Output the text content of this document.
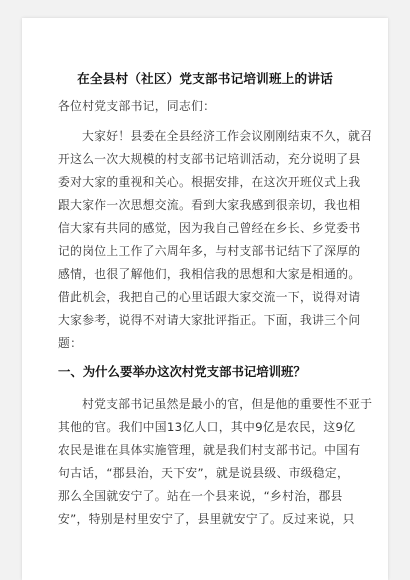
在全县村（社区）党支部书记培训班上的讲话
各位村党支部书记，同志们：
大家好！县委在全县经济工作会议刚刚结束不久，就召
开这么一次大规模的村支部书记培训活动，充分说明了县
委对大家的重视和关心。根据安排，在这次开班仪式上我
跟大家作一次思想交流。看到大家我感到很亲切，我也相
信大家有共同的感觉，因为我自己曾经在乡长、乡党委书
记的岗位上工作了六周年多，与村支部书记结下了深厚的
感情，也很了解他们，我相信我的思想和大家是相通的。
借此机会，我把自己的心里话跟大家交流一下，说得对请
大家参考，说得不对请大家批评指正。下面，我讲三个问
题：
一、为什么要举办这次村党支部书记培训班？
村党支部书记虽然是最小的官，但是他的重要性不亚于
其他的官。我们中国13亿人口，其中9亿是农民，这9亿
农民是谁在具体实施管理，就是我们村支部书记。中国有
句古话，“郡县治，天下安”，就是说县级、市级稳定，
那么全国就安宁了。站在一个县来说，“乡村治，郡县
安”，特别是村里安宁了，县里就安宁了。反过来说，只
